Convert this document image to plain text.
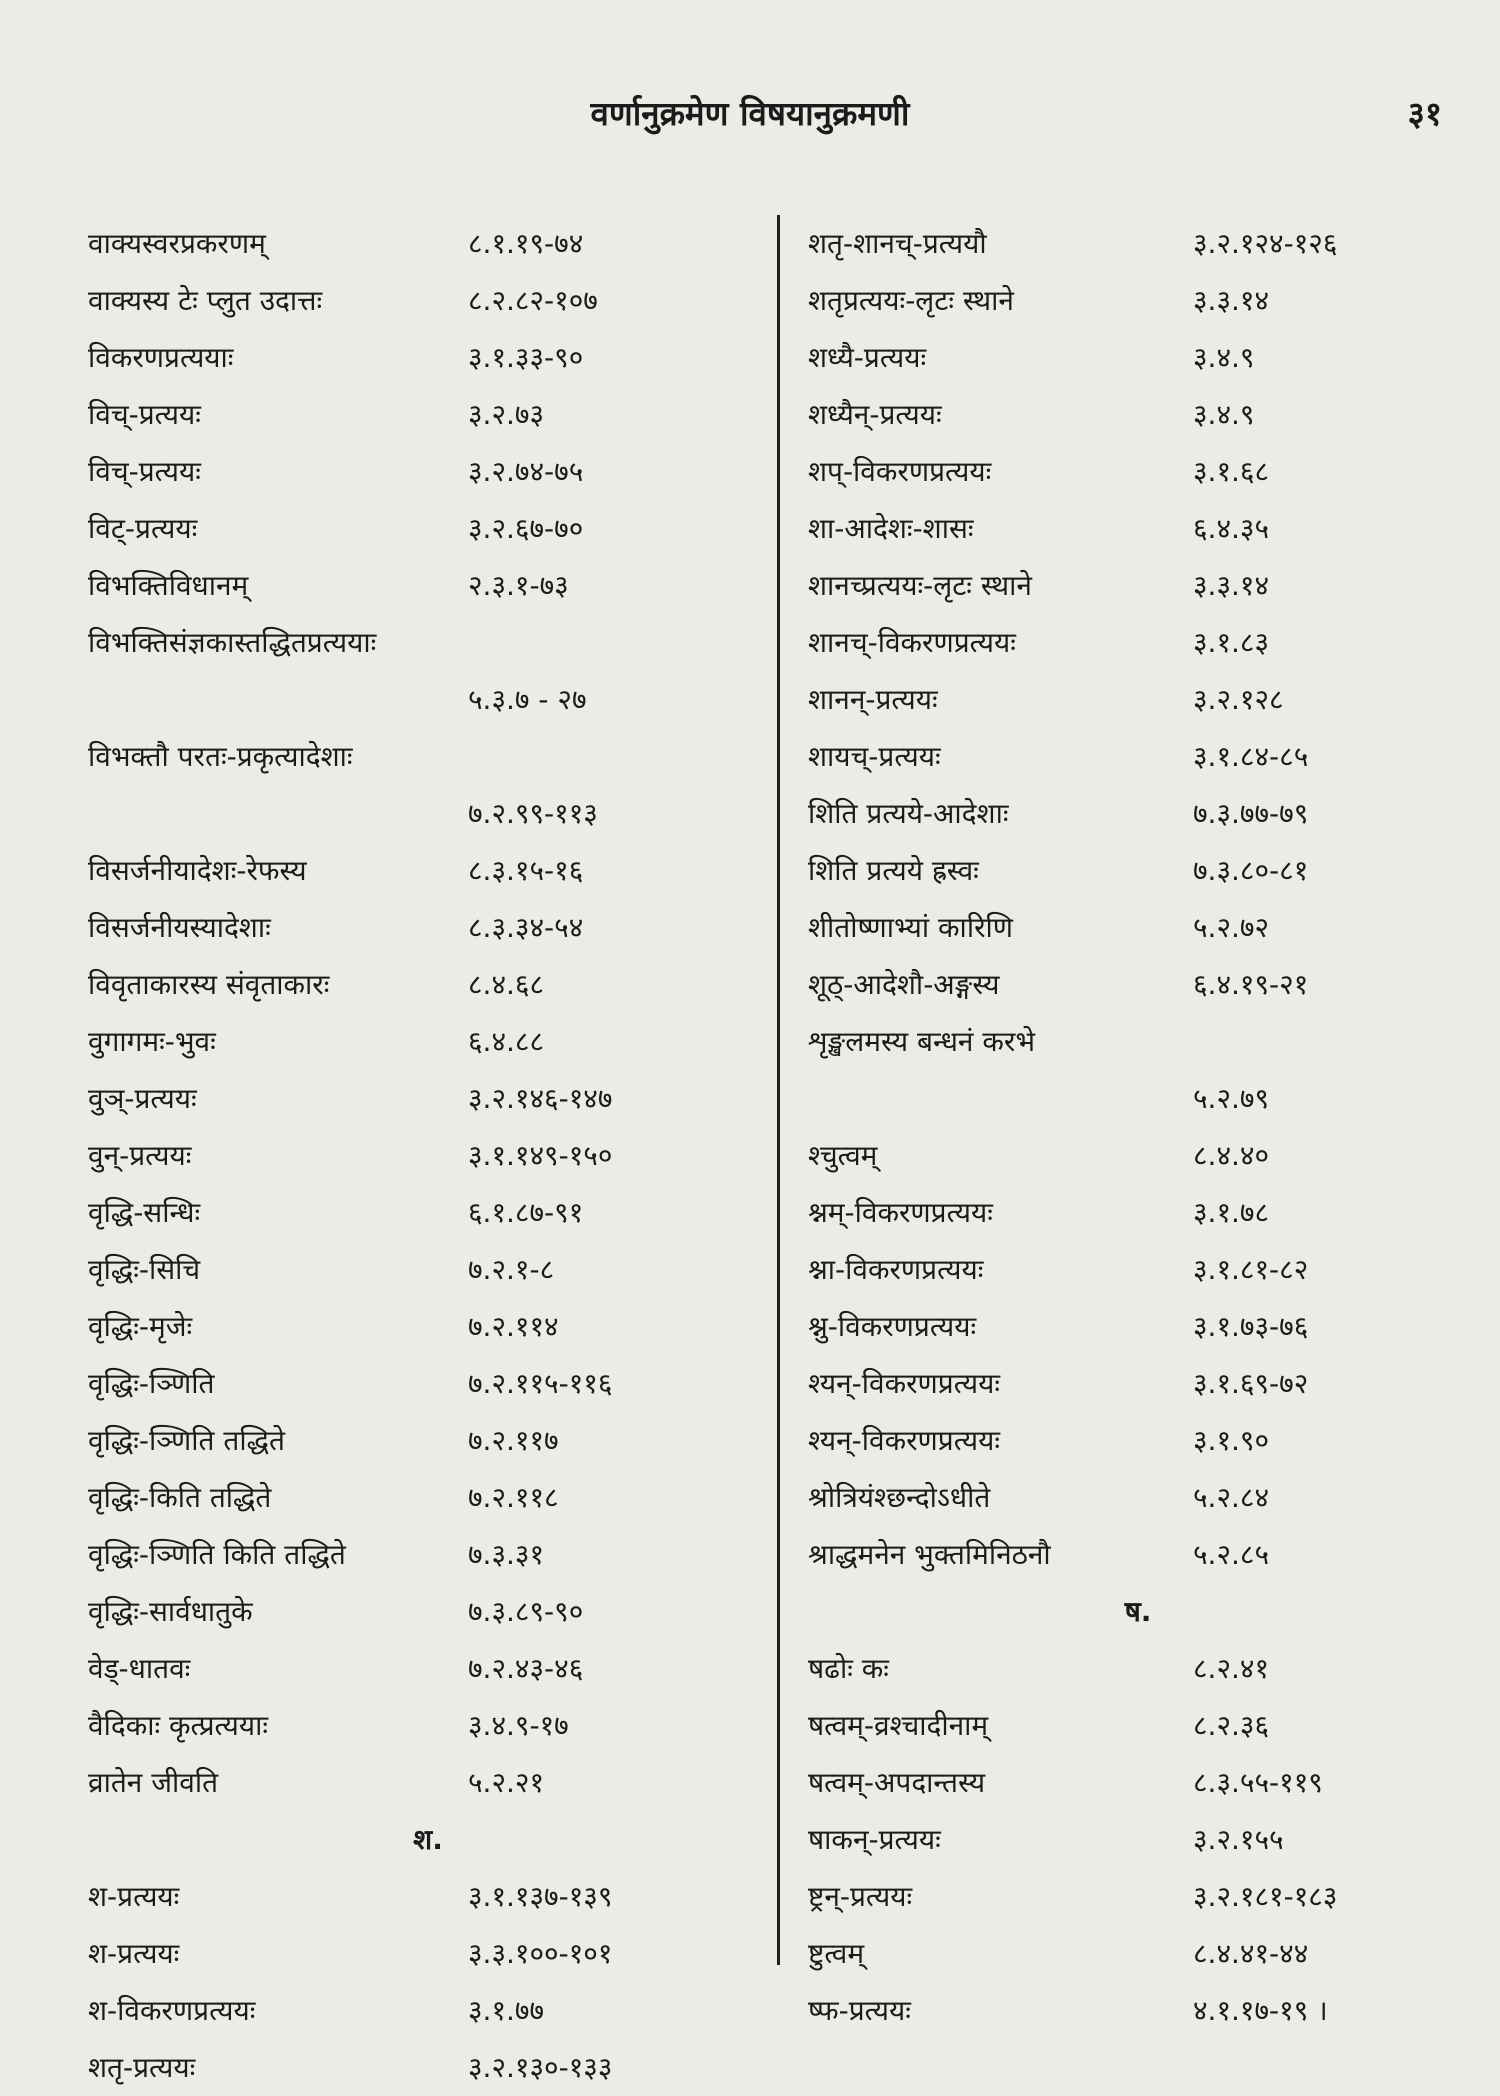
वर्णानुक्रमेण विषयानुक्रमणी	३१
वाक्यस्वरप्रकरणम्	८.१.१९-७४
वाक्यस्य टेः प्लुत उदात्तः	८.२.८२-१०७
विकरणप्रत्ययाः	३.१.३३-९०
विच्-प्रत्ययः	३.२.७३
विच्-प्रत्ययः	३.२.७४-७५
विट्-प्रत्ययः	३.२.६७-७०
विभक्तिविधानम्	२.३.१-७३
विभक्तिसंज्ञकास्तद्धितप्रत्ययाः
५.३.७ - २७
विभक्तौ परतः-प्रकृत्यादेशाः
७.२.९९-११३
विसर्जनीयादेशः-रेफस्य	८.३.१५-१६
विसर्जनीयस्यादेशाः	८.३.३४-५४
विवृताकारस्य संवृताकारः	८.४.६८
वुगागमः-भुवः	६.४.८८
वुञ्-प्रत्ययः	३.२.१४६-१४७
वुन्-प्रत्ययः	३.१.१४९-१५०
वृद्धि-सन्धिः	६.१.८७-९१
वृद्धिः-सिचि	७.२.१-८
वृद्धिः-मृजेः	७.२.११४
वृद्धिः-ञ्णिति	७.२.११५-११६
वृद्धिः-ञ्णिति तद्धिते	७.२.११७
वृद्धिः-किति तद्धिते	७.२.११८
वृद्धिः-ञ्णिति किति तद्धिते	७.३.३१
वृद्धिः-सार्वधातुके	७.३.८९-९०
वेड्-धातवः	७.२.४३-४६
वैदिकाः कृत्प्रत्ययाः	३.४.९-१७
व्रातेन जीवति	५.२.२१
श.
श-प्रत्ययः	३.१.१३७-१३९
श-प्रत्ययः	३.३.१००-१०१
श-विकरणप्रत्ययः	३.१.७७
शतृ-प्रत्ययः	३.२.१३०-१३३
शतृ-शानच्-प्रत्ययौ	३.२.१२४-१२६
शतृप्रत्ययः-लृटः स्थाने	३.३.१४
शध्यै-प्रत्ययः	३.४.९
शध्यैन्-प्रत्ययः	३.४.९
शप्-विकरणप्रत्ययः	३.१.६८
शा-आदेशः-शासः	६.४.३५
शानच्प्रत्ययः-लृटः स्थाने	३.३.१४
शानच्-विकरणप्रत्ययः	३.१.८३
शानन्-प्रत्ययः	३.२.१२८
शायच्-प्रत्ययः	३.१.८४-८५
शिति प्रत्यये-आदेशाः	७.३.७७-७९
शिति प्रत्यये ह्रस्वः	७.३.८०-८१
शीतोष्णाभ्यां कारिणि	५.२.७२
शूठ्-आदेशौ-अङ्गस्य	६.४.१९-२१
शृङ्खलमस्य बन्धनं करभे
५.२.७९
श्चुत्वम्	८.४.४०
श्नम्-विकरणप्रत्ययः	३.१.७८
श्ना-विकरणप्रत्ययः	३.१.८१-८२
श्नु-विकरणप्रत्ययः	३.१.७३-७६
श्यन्-विकरणप्रत्ययः	३.१.६९-७२
श्यन्-विकरणप्रत्ययः	३.१.९०
श्रोत्रियंश्छन्दोऽधीते	५.२.८४
श्राद्धमनेन भुक्तमिनिठनौ	५.२.८५
ष.
षढोः कः	८.२.४१
षत्वम्-व्रश्चादीनाम्	८.२.३६
षत्वम्-अपदान्तस्य	८.३.५५-११९
षाकन्-प्रत्ययः	३.२.१५५
ष्ट्रन्-प्रत्ययः	३.२.१८१-१८३
ष्टुत्वम्	८.४.४१-४४
ष्फ-प्रत्ययः	४.१.१७-१९ ।
